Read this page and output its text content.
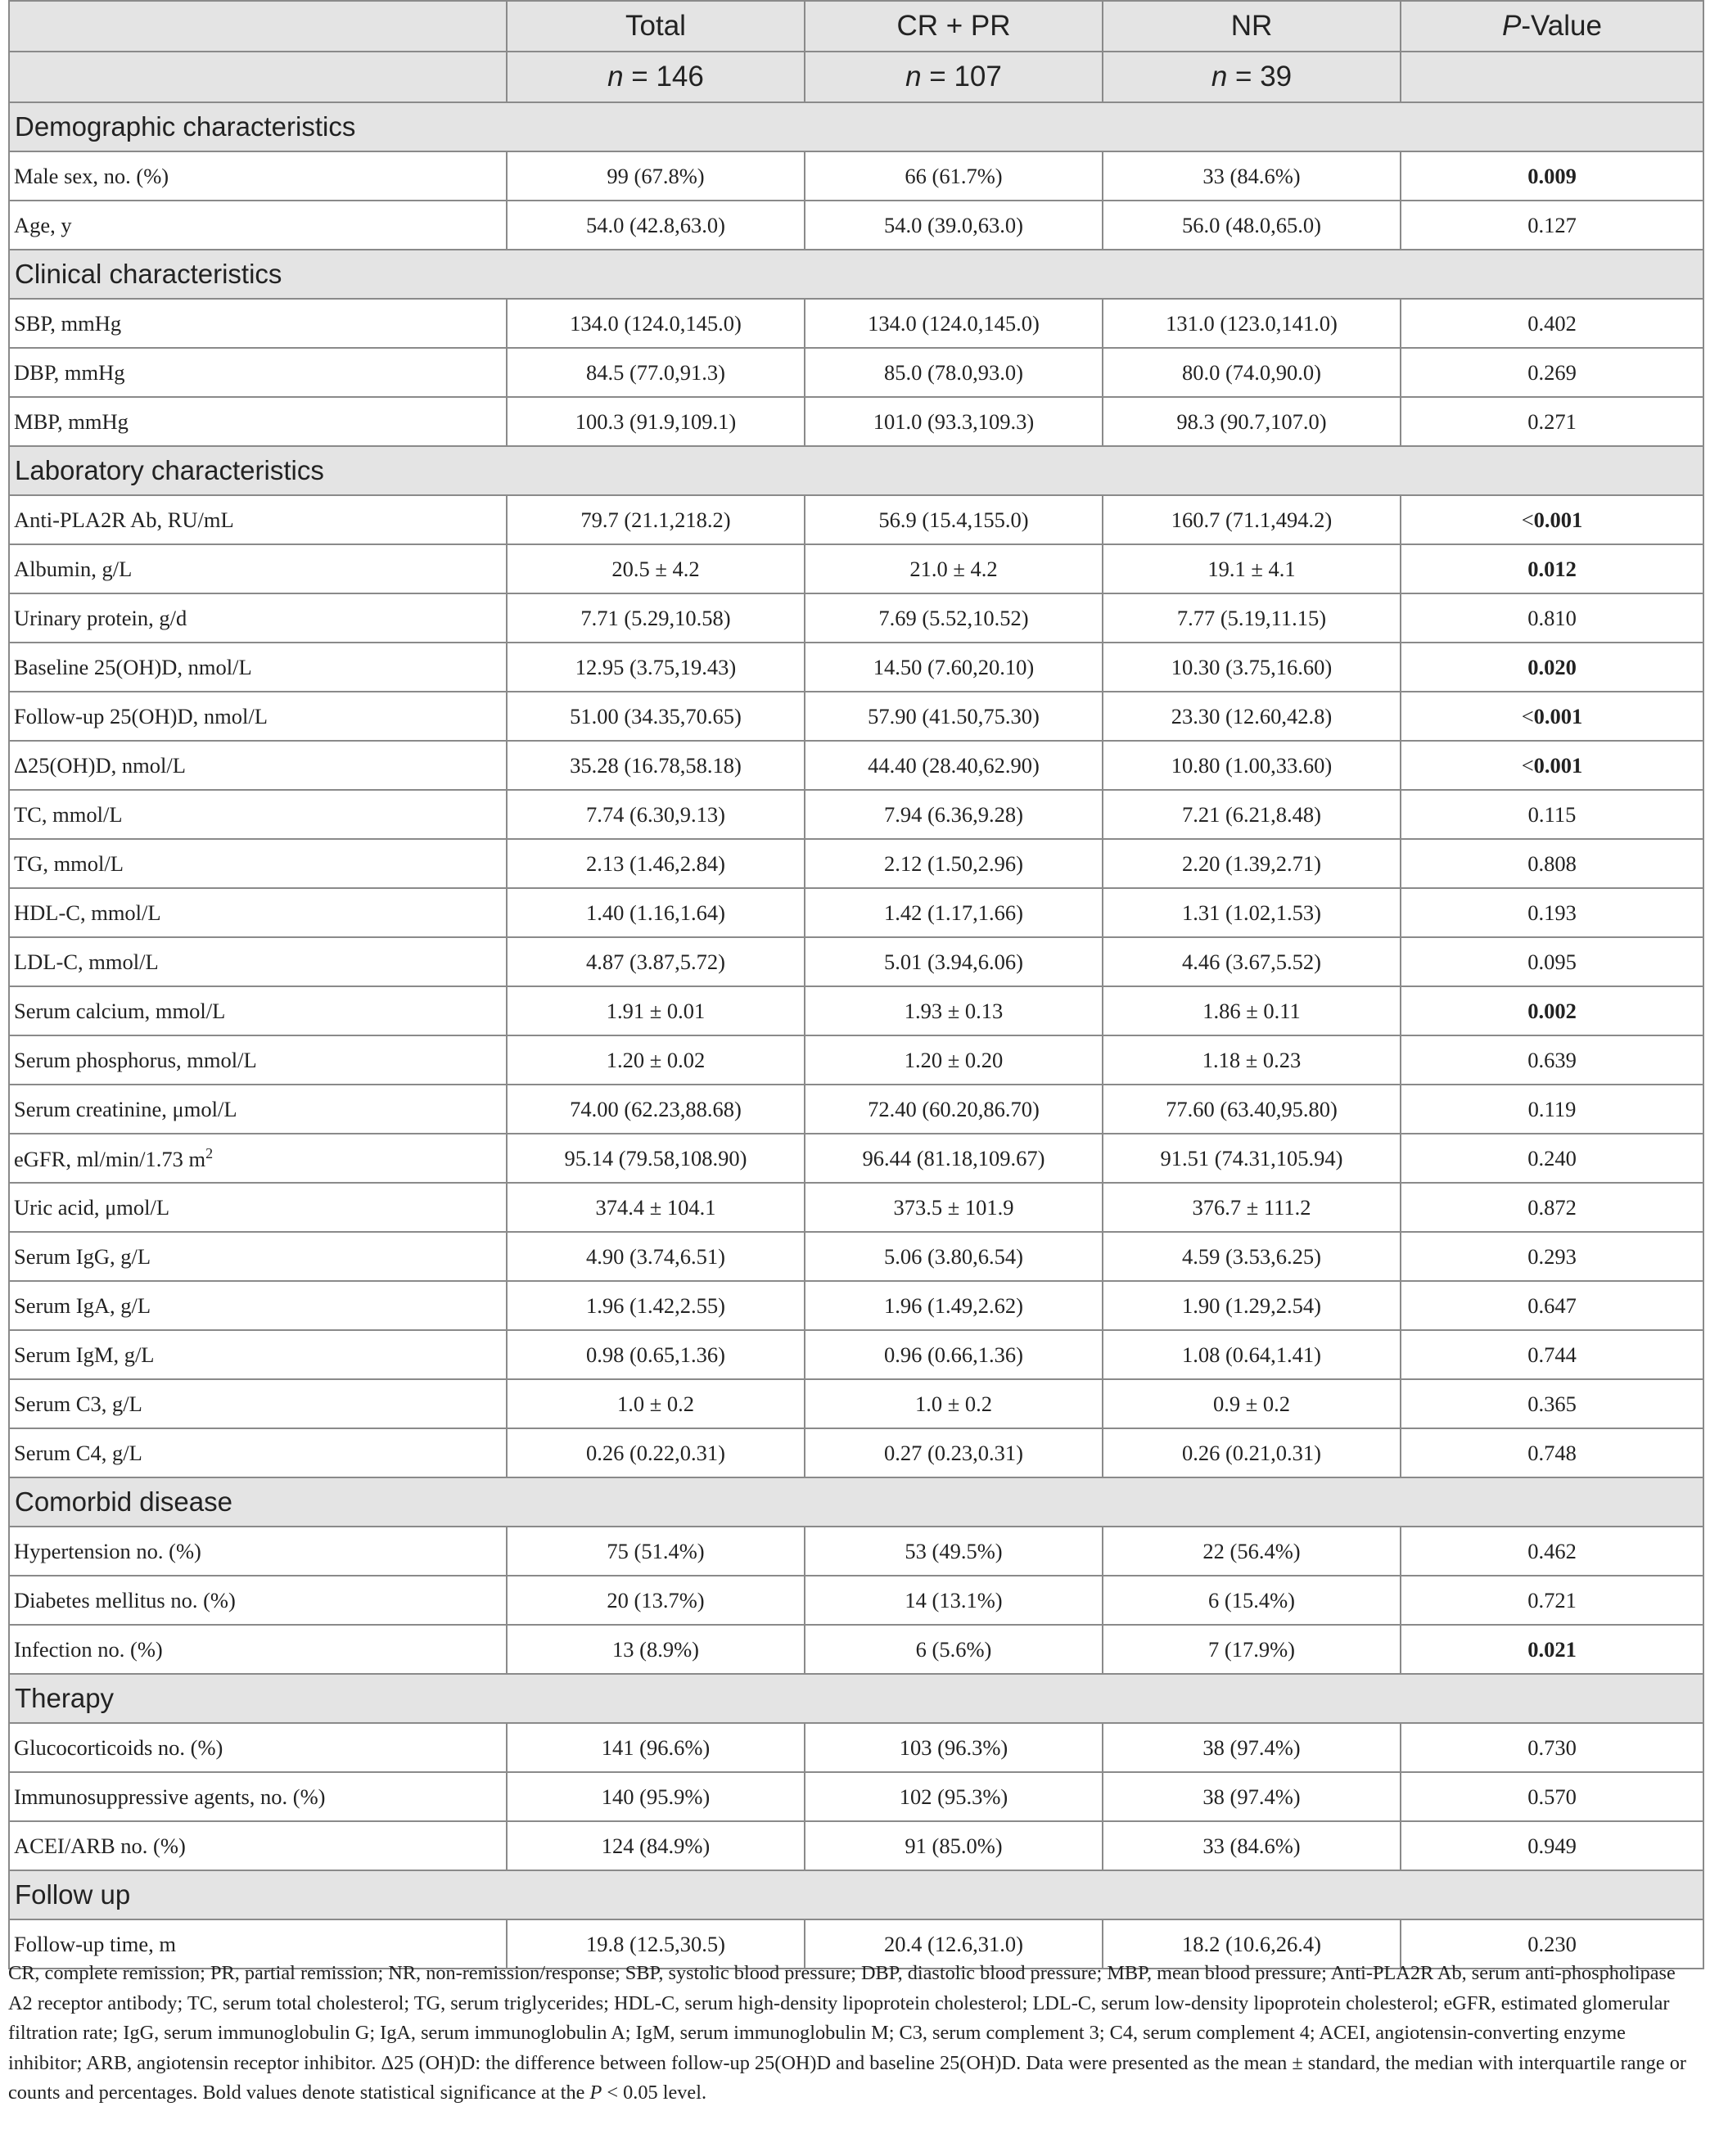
	Total	CR + PR	NR	P-Value
	n = 146	n = 107	n = 39	
Demographic characteristics				
Male sex, no. (%)	99 (67.8%)	66 (61.7%)	33 (84.6%)	0.009
Age, y	54.0 (42.8,63.0)	54.0 (39.0,63.0)	56.0 (48.0,65.0)	0.127
Clinical characteristics				
SBP, mmHg	134.0 (124.0,145.0)	134.0 (124.0,145.0)	131.0 (123.0,141.0)	0.402
DBP, mmHg	84.5 (77.0,91.3)	85.0 (78.0,93.0)	80.0 (74.0,90.0)	0.269
MBP, mmHg	100.3 (91.9,109.1)	101.0 (93.3,109.3)	98.3 (90.7,107.0)	0.271
Laboratory characteristics				
Anti-PLA2R Ab, RU/mL	79.7 (21.1,218.2)	56.9 (15.4,155.0)	160.7 (71.1,494.2)	<0.001
Albumin, g/L	20.5 ± 4.2	21.0 ± 4.2	19.1 ± 4.1	0.012
Urinary protein, g/d	7.71 (5.29,10.58)	7.69 (5.52,10.52)	7.77 (5.19,11.15)	0.810
Baseline 25(OH)D, nmol/L	12.95 (3.75,19.43)	14.50 (7.60,20.10)	10.30 (3.75,16.60)	0.020
Follow-up 25(OH)D, nmol/L	51.00 (34.35,70.65)	57.90 (41.50,75.30)	23.30 (12.60,42.8)	<0.001
Δ25(OH)D, nmol/L	35.28 (16.78,58.18)	44.40 (28.40,62.90)	10.80 (1.00,33.60)	<0.001
TC, mmol/L	7.74 (6.30,9.13)	7.94 (6.36,9.28)	7.21 (6.21,8.48)	0.115
TG, mmol/L	2.13 (1.46,2.84)	2.12 (1.50,2.96)	2.20 (1.39,2.71)	0.808
HDL-C, mmol/L	1.40 (1.16,1.64)	1.42 (1.17,1.66)	1.31 (1.02,1.53)	0.193
LDL-C, mmol/L	4.87 (3.87,5.72)	5.01 (3.94,6.06)	4.46 (3.67,5.52)	0.095
Serum calcium, mmol/L	1.91 ± 0.01	1.93 ± 0.13	1.86 ± 0.11	0.002
Serum phosphorus, mmol/L	1.20 ± 0.02	1.20 ± 0.20	1.18 ± 0.23	0.639
Serum creatinine, μmol/L	74.00 (62.23,88.68)	72.40 (60.20,86.70)	77.60 (63.40,95.80)	0.119
eGFR, ml/min/1.73 $m^2$	95.14 (79.58,108.90)	96.44 (81.18,109.67)	91.51 (74.31,105.94)	0.240
Uric acid, μmol/L	374.4 ± 104.1	373.5 ± 101.9	376.7 ± 111.2	0.872
Serum IgG, g/L	4.90 (3.74,6.51)	5.06 (3.80,6.54)	4.59 (3.53,6.25)	0.293
Serum IgA, g/L	1.96 (1.42,2.55)	1.96 (1.49,2.62)	1.90 (1.29,2.54)	0.647
Serum IgM, g/L	0.98 (0.65,1.36)	0.96 (0.66,1.36)	1.08 (0.64,1.41)	0.744
Serum C3, g/L	1.0 ± 0.2	1.0 ± 0.2	0.9 ± 0.2	0.365
Serum C4, g/L	0.26 (0.22,0.31)	0.27 (0.23,0.31)	0.26 (0.21,0.31)	0.748
Comorbid disease				
Hypertension no. (%)	75 (51.4%)	53 (49.5%)	22 (56.4%)	0.462
Diabetes mellitus no. (%)	20 (13.7%)	14 (13.1%)	6 (15.4%)	0.721
Infection no. (%)	13 (8.9%)	6 (5.6%)	7 (17.9%)	0.021
Therapy				
Glucocorticoids no. (%)	141 (96.6%)	103 (96.3%)	38 (97.4%)	0.730
Immunosuppressive agents, no. (%)	140 (95.9%)	102 (95.3%)	38 (97.4%)	0.570
ACEI/ARB no. (%)	124 (84.9%)	91 (85.0%)	33 (84.6%)	0.949
Follow up				
Follow-up time, m	19.8 (12.5,30.5)	20.4 (12.6,31.0)	18.2 (10.6,26.4)	0.230
CR, complete remission; PR, partial remission; NR, non-remission/response; SBP, systolic blood pressure; DBP, diastolic blood pressure; MBP, mean blood pressure; Anti-PLA2R Ab, serum anti-phospholipase A2 receptor antibody; TC, serum total cholesterol; TG, serum triglycerides; HDL-C, serum high-density lipoprotein cholesterol; LDL-C, serum low-density lipoprotein cholesterol; eGFR, estimated glomerular filtration rate; IgG, serum immunoglobulin G; IgA, serum immunoglobulin A; IgM, serum immunoglobulin M; C3, serum complement 3; C4, serum complement 4; ACEI, angiotensin-converting enzyme inhibitor; ARB, angiotensin receptor inhibitor. Δ25 (OH)D: the difference between follow-up 25(OH)D and baseline 25(OH)D. Data were presented as the mean ± standard, the median with interquartile range or counts and percentages. Bold values denote statistical significance at the P < 0.05 level.
